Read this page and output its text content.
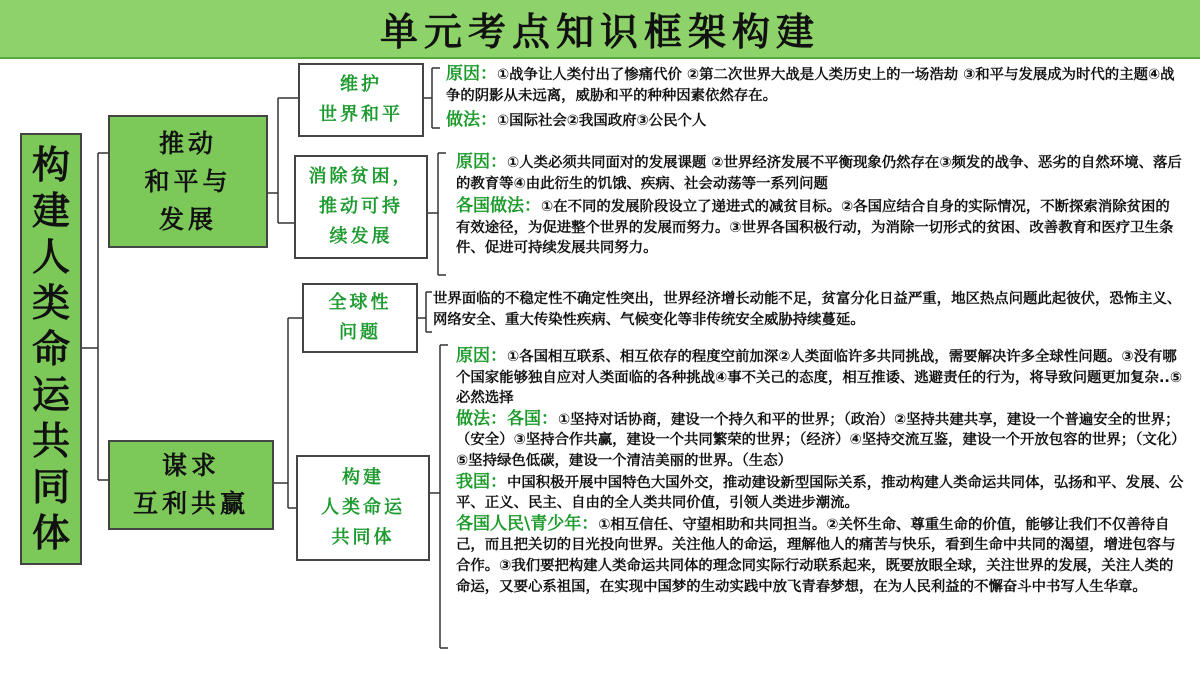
单元考点知识框架构建
构建人类命运共同体
推动
和平与
发展
谋求
互利共赢
维护
世界和平
消除贫困，
推动可持
续发展
全球性
问题
构建
人类命运
共同体

原因：①战争让人类付出了惨痛代价 ②第二次世界大战是人类历史上的一场浩劫 ③和平与发展成为时代的主题④战争的阴影从未远离，威胁和平的种种因素依然存在。

做法：①国际社会②我国政府③公民个人

原因：①人类必须共同面对的发展课题 ②世界经济发展不平衡现象仍然存在③频发的战争、恶劣的自然环境、落后的教育等④由此衍生的饥饿、疾病、社会动荡等一系列问题

各国做法：①在不同的发展阶段设立了递进式的减贫目标。②各国应结合自身的实际情况，不断探索消除贫困的有效途径，为促进整个世界的发展而努力。③世界各国积极行动，为消除一切形式的贫困、改善教育和医疗卫生条件、促进可持续发展共同努力。

世界面临的不稳定性不确定性突出，世界经济增长动能不足，贫富分化日益严重，地区热点问题此起彼伏，恐怖主义、网络安全、重大传染性疾病、气候变化等非传统安全威胁持续蔓延。

原因：①各国相互联系、相互依存的程度空前加深②人类面临许多共同挑战，需要解决许多全球性问题。③没有哪个国家能够独自应对人类面临的各种挑战④事不关己的态度，相互推诿、逃避责任的行为，将导致问题更加复杂..⑤必然选择

做法：各国：①坚持对话协商，建设一个持久和平的世界；（政治）②坚持共建共享，建设一个普遍安全的世界；（安全）③坚持合作共赢，建设一个共同繁荣的世界；（经济）④坚持交流互鉴，建设一个开放包容的世界；（文化）⑤坚持绿色低碳，建设一个清洁美丽的世界。（生态）

我国：中国积极开展中国特色大国外交，推动建设新型国际关系，推动构建人类命运共同体，弘扬和平、发展、公平、正义、民主、自由的全人类共同价值，引领人类进步潮流。

各国人民\青少年：①相互信任、守望相助和共同担当。②关怀生命、尊重生命的价值，能够让我们不仅善待自己，而且把关切的目光投向世界。关注他人的命运，理解他人的痛苦与快乐，看到生命中共同的渴望，增进包容与合作。③我们要把构建人类命运共同体的理念同实际行动联系起来，既要放眼全球，关注世界的发展，关注人类的命运，又要心系祖国，在实现中国梦的生动实践中放飞青春梦想，在为人民利益的不懈奋斗中书写人生华章。
